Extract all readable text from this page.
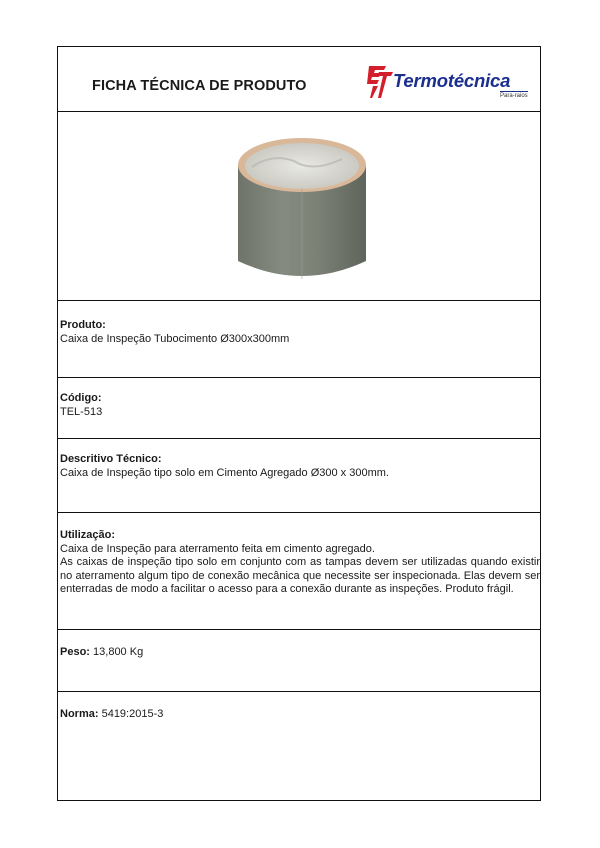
FICHA TÉCNICA DE PRODUTO	Termotécnica
Para-raios
Produto:
Caixa de Inspeção Tubocimento Ø300x300mm
Código:
TEL-513
Descritivo Técnico:
Caixa de Inspeção tipo solo em Cimento Agregado Ø300 x 300mm.
Utilização:
Caixa de Inspeção para aterramento feita em cimento agregado.
As caixas de inspeção tipo solo em conjunto com as tampas devem ser utilizadas quando existir no aterramento algum tipo de conexão mecânica que necessite ser inspecionada. Elas devem ser enterradas de modo a facilitar o acesso para a conexão durante as inspeções. Produto frágil.
Peso: 13,800 Kg
Norma: 5419:2015-3
